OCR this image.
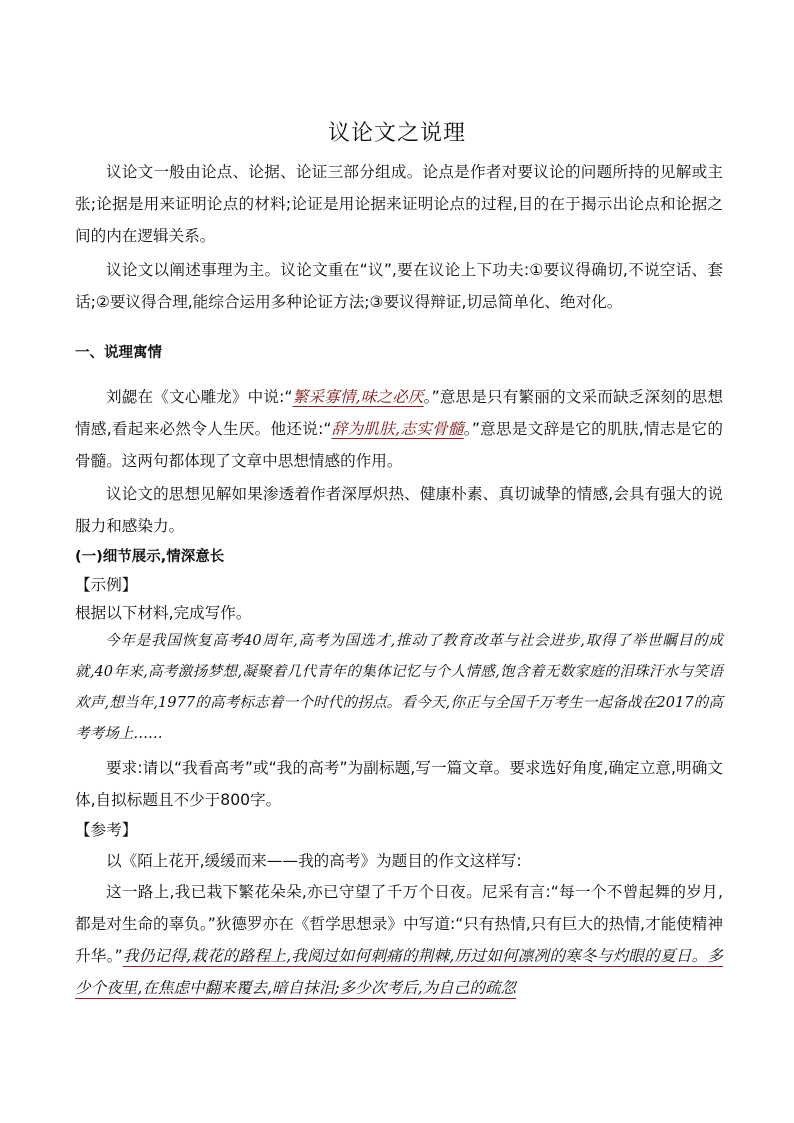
议论文之说理

议论文一般由论点、论据、论证三部分组成。论点是作者对要议论的问题所持的见解或主张;论据是用来证明论点的材料;论证是用论据来证明论点的过程,目的在于揭示出论点和论据之间的内在逻辑关系。

议论文以阐述事理为主。议论文重在“议”,要在议论上下功夫:①要议得确切,不说空话、套话;②要议得合理,能综合运用多种论证方法;③要议得辩证,切忌简单化、绝对化。

一、说理寓情

刘勰在《文心雕龙》中说:“繁采寡情,味之必厌。”意思是只有繁丽的文采而缺乏深刻的思想情感,看起来必然令人生厌。他还说:“辞为肌肤,志实骨髓。”意思是文辞是它的肌肤,情志是它的骨髓。这两句都体现了文章中思想情感的作用。

议论文的思想见解如果渗透着作者深厚炽热、健康朴素、真切诚挚的情感,会具有强大的说服力和感染力。

(一)细节展示,情深意长
【示例】
根据以下材料,完成写作。

今年是我国恢复高考40周年,高考为国选才,推动了教育改革与社会进步,取得了举世瞩目的成就,40年来,高考激扬梦想,凝聚着几代青年的集体记忆与个人情感,饱含着无数家庭的泪珠汗水与笑语欢声,想当年,1977的高考标志着一个时代的拐点。看今天,你正与全国千万考生一起备战在2017的高考考场上……

要求:请以“我看高考”或“我的高考”为副标题,写一篇文章。要求选好角度,确定立意,明确文体,自拟标题且不少于800字。

【参考】

以《陌上花开,缓缓而来——我的高考》为题目的作文这样写:

这一路上,我已栽下繁花朵朵,亦已守望了千万个日夜。尼采有言:“每一个不曾起舞的岁月,都是对生命的辜负。”狄德罗亦在《哲学思想录》中写道:“只有热情,只有巨大的热情,才能使精神升华。”我仍记得,栽花的路程上,我阅过如何刺痛的荆棘,历过如何凛冽的寒冬与灼眼的夏日。多少个夜里,在焦虑中翻来覆去,暗自抹泪;多少次考后,为自己的疏忽
